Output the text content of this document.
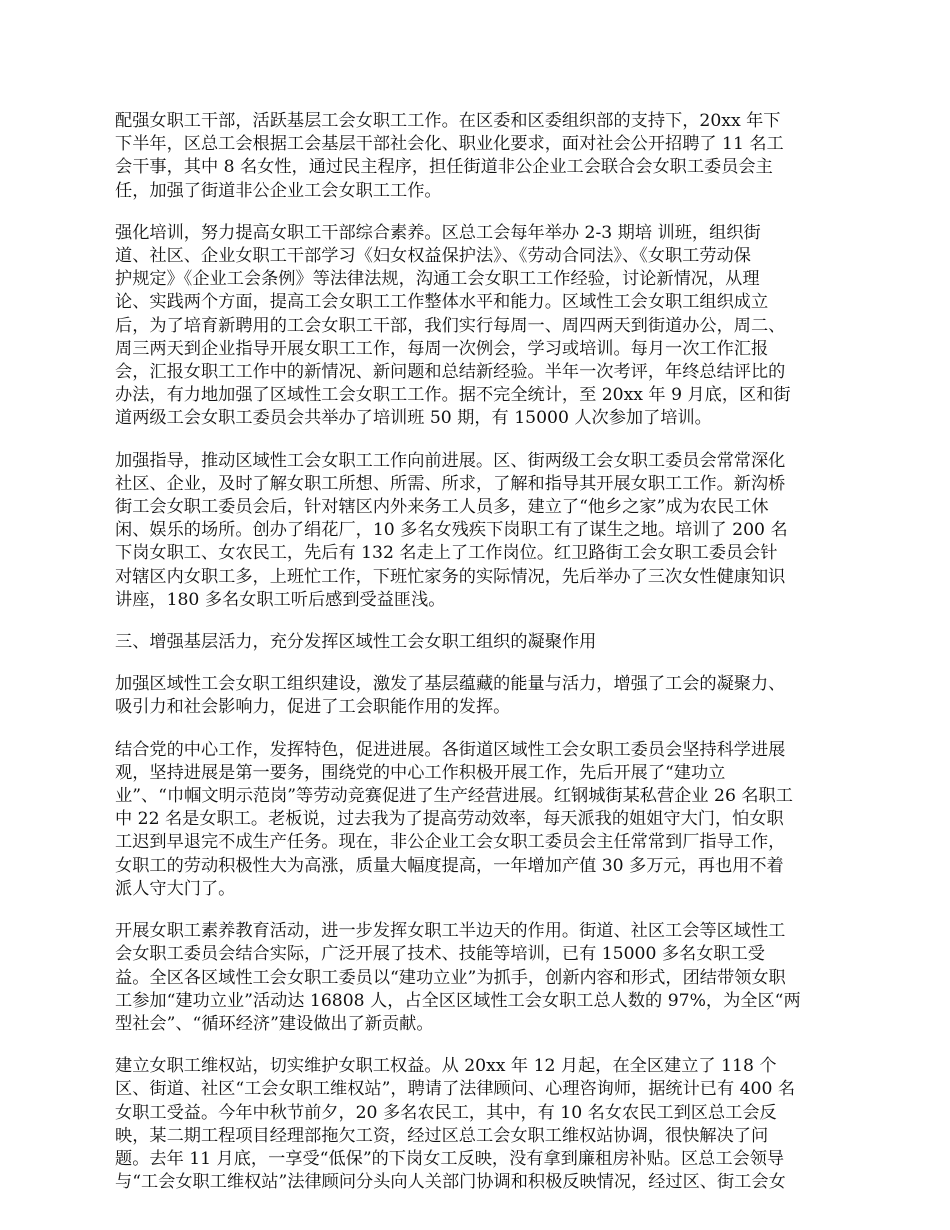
配强女职工干部，活跃基层工会女职工工作。在区委和区委组织部的支持下，20xx 年下
下半年，区总工会根据工会基层干部社会化、职业化要求，面对社会公开招聘了 11 名工
会干事，其中 8 名女性，通过民主程序，担任街道非公企业工会联合会女职工委员会主
任，加强了街道非公企业工会女职工工作。

强化培训，努力提高女职工干部综合素养。区总工会每年举办 2-3 期培 训班，组织街
道、社区、企业女职工干部学习《妇女权益保护法》、《劳动合同法》、《女职工劳动保
护规定》《企业工会条例》等法律法规，沟通工会女职工工作经验，讨论新情况，从理
论、实践两个方面，提高工会女职工工作整体水平和能力。区域性工会女职工组织成立
后，为了培育新聘用的工会女职工干部，我们实行每周一、周四两天到街道办公，周二、
周三两天到企业指导开展女职工工作，每周一次例会，学习或培训。每月一次工作汇报
会，汇报女职工工作中的新情况、新问题和总结新经验。半年一次考评，年终总结评比的
办法，有力地加强了区域性工会女职工工作。据不完全统计，至 20xx 年 9 月底，区和街
道两级工会女职工委员会共举办了培训班 50 期，有 15000 人次参加了培训。

加强指导，推动区域性工会女职工工作向前进展。区、街两级工会女职工委员会常常深化
社区、企业，及时了解女职工所想、所需、所求，了解和指导其开展女职工工作。新沟桥
街工会女职工委员会后，针对辖区内外来务工人员多，建立了“他乡之家”成为农民工休
闲、娱乐的场所。创办了绢花厂，10 多名女残疾下岗职工有了谋生之地。培训了 200 名
下岗女职工、女农民工，先后有 132 名走上了工作岗位。红卫路街工会女职工委员会针
对辖区内女职工多，上班忙工作，下班忙家务的实际情况，先后举办了三次女性健康知识
讲座，180 多名女职工听后感到受益匪浅。

三、增强基层活力，充分发挥区域性工会女职工组织的凝聚作用

加强区域性工会女职工组织建设，激发了基层蕴藏的能量与活力，增强了工会的凝聚力、
吸引力和社会影响力，促进了工会职能作用的发挥。

结合党的中心工作，发挥特色，促进进展。各街道区域性工会女职工委员会坚持科学进展
观，坚持进展是第一要务，围绕党的中心工作积极开展工作，先后开展了“建功立
业”、“巾帼文明示范岗”等劳动竞赛促进了生产经营进展。红钢城街某私营企业 26 名职工
中 22 名是女职工。老板说，过去我为了提高劳动效率，每天派我的姐姐守大门，怕女职
工迟到早退完不成生产任务。现在，非公企业工会女职工委员会主任常常到厂指导工作，
女职工的劳动积极性大为高涨，质量大幅度提高，一年增加产值 30 多万元，再也用不着
派人守大门了。

开展女职工素养教育活动，进一步发挥女职工半边天的作用。街道、社区工会等区域性工
会女职工委员会结合实际，广泛开展了技术、技能等培训，已有 15000 多名女职工受
益。全区各区域性工会女职工委员以“建功立业”为抓手，创新内容和形式，团结带领女职
工参加“建功立业”活动达 16808 人，占全区区域性工会女职工总人数的 97%，为全区“两
型社会”、“循环经济”建设做出了新贡献。

建立女职工维权站，切实维护女职工权益。从 20xx 年 12 月起，在全区建立了 118 个
区、街道、社区“工会女职工维权站”，聘请了法律顾问、心理咨询师，据统计已有 400 名
女职工受益。今年中秋节前夕，20 多名农民工，其中，有 10 名女农民工到区总工会反
映，某二期工程项目经理部拖欠工资，经过区总工会女职工维权站协调，很快解决了问
题。去年 11 月底，一享受“低保”的下岗女工反映，没有拿到廉租房补贴。区总工会领导
与“工会女职工维权站”法律顾问分头向人关部门协调和积极反映情况，经过区、街工会女
